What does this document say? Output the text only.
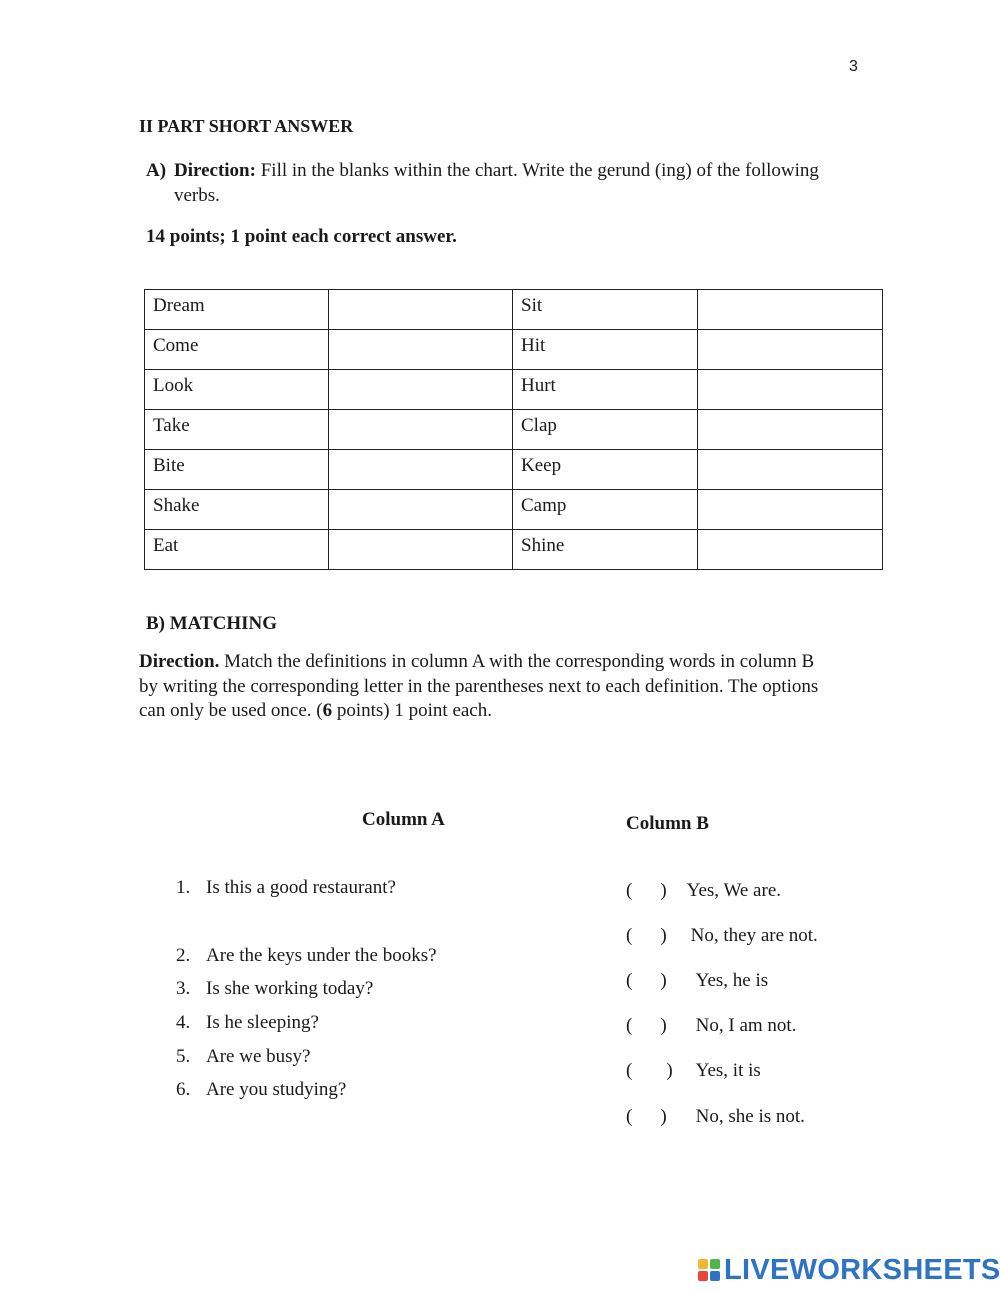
3
II PART SHORT ANSWER
A) Direction: Fill in the blanks within the chart. Write the gerund (ing) of the following
verbs.
14 points; 1 point each correct answer.
Dream		Sit	
Come		Hit	
Look		Hurt	
Take		Clap	
Bite		Keep	
Shake		Camp	
Eat		Shine	
B) MATCHING
Direction. Match the definitions in column A with the corresponding words in column B
by writing the corresponding letter in the parentheses next to each definition. The options
can only be used once. (6 points) 1 point each.
Column A	Column B
1. Is this a good restaurant?
2. Are the keys under the books?
3. Is she working today?
4. Is he sleeping?
5. Are we busy?
6. Are you studying?
( ) Yes, We are.
( ) No, they are not.
( ) Yes, he is
( ) No, I am not.
( ) Yes, it is
( ) No, she is not.
LIVEWORKSHEETS
